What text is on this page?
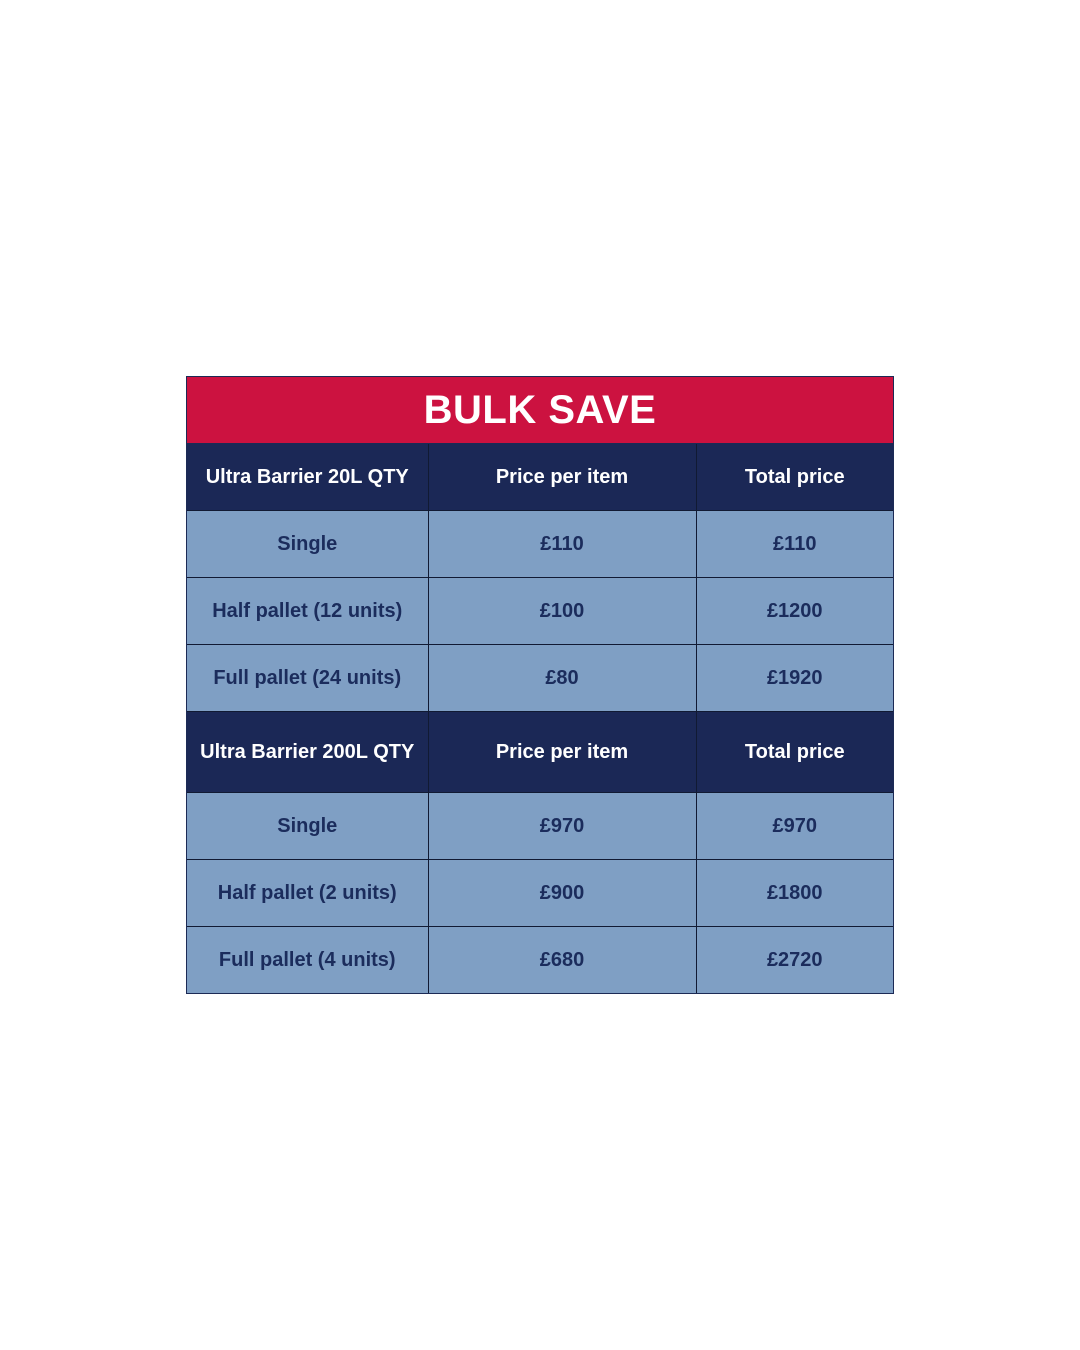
BULK SAVE
Ultra Barrier 20L QTY	Price per item	Total price
Single	£110	£110
Half pallet (12 units)	£100	£1200
Full pallet (24 units)	£80	£1920
Ultra Barrier 200L QTY	Price per item	Total price
Single	£970	£970
Half pallet (2 units)	£900	£1800
Full pallet (4 units)	£680	£2720
